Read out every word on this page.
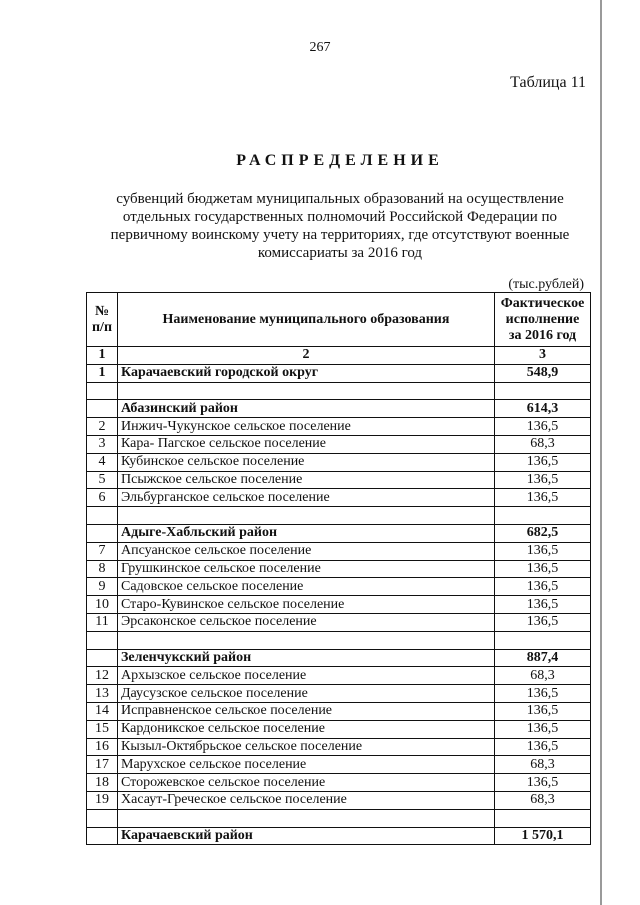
267
Таблица 11
РАСПРЕДЕЛЕНИЕ

субвенций бюджетам муниципальных образований на осуществление
отдельных государственных полномочий Российской Федерации по
первичному воинскому учету на территориях, где отсутствуют военные
комиссариаты за 2016 год

(тыс.рублей)
№ п/п	Наименование муниципального образования	Фактическое исполнение за 2016 год
1	2	3
1	Карачаевский городской округ	548,9

	Абазинский район	614,3
2	Инжич-Чукунское сельское поселение	136,5
3	Кара- Пагское сельское поселение	68,3
4	Кубинское сельское поселение	136,5
5	Псыжское сельское поселение	136,5
6	Эльбурганское сельское поселение	136,5

	Адыге-Хабльский район	682,5
7	Апсуанское сельское поселение	136,5
8	Грушкинское сельское поселение	136,5
9	Садовское сельское поселение	136,5
10	Старо-Кувинское сельское поселение	136,5
11	Эрсаконское сельское поселение	136,5

	Зеленчукский район	887,4
12	Архызское сельское поселение	68,3
13	Даусузское сельское поселение	136,5
14	Исправненское сельское поселение	136,5
15	Кардоникское сельское поселение	136,5
16	Кызыл-Октябрьское сельское поселение	136,5
17	Марухское сельское поселение	68,3
18	Сторожевское сельское поселение	136,5
19	Хасаут-Греческое сельское поселение	68,3

	Карачаевский район	1 570,1
